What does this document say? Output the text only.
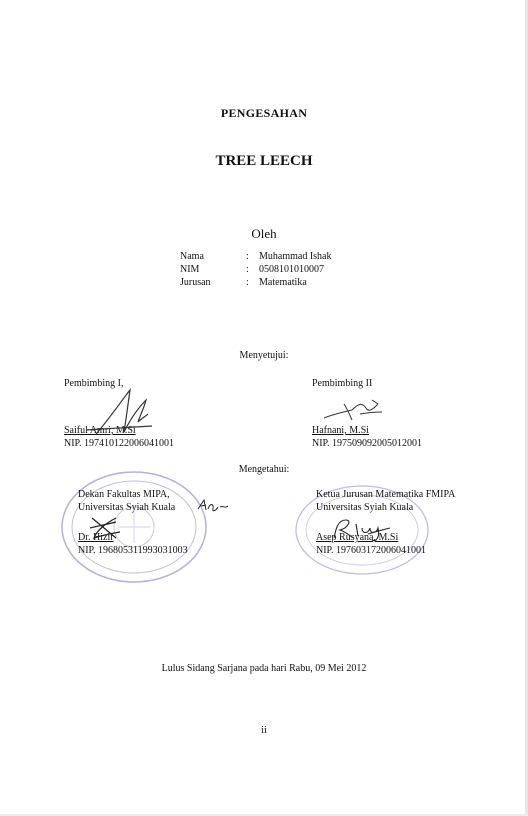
PENGESAHAN
TREE LEECH
Oleh
Nama	: Muhammad Ishak
NIM	: 0508101010007
Jurusan	: Matematika
Menyetujui:
Pembimbing I,
Saiful Amri, M.Si
NIP. 197410122006041001
Pembimbing II
Hafnani, M.Si
NIP. 197509092005012001
Mengetahui:
Dekan Fakultas MIPA,
Universitas Syiah Kuala
Dr. Hizir
NIP. 196805311993031003
Ketua Jurusan Matematika FMIPA
Universitas Syiah Kuala
Asep Rusyana, M.Si
NIP. 197603172006041001
Lulus Sidang Sarjana pada hari Rabu, 09 Mei 2012
ii
